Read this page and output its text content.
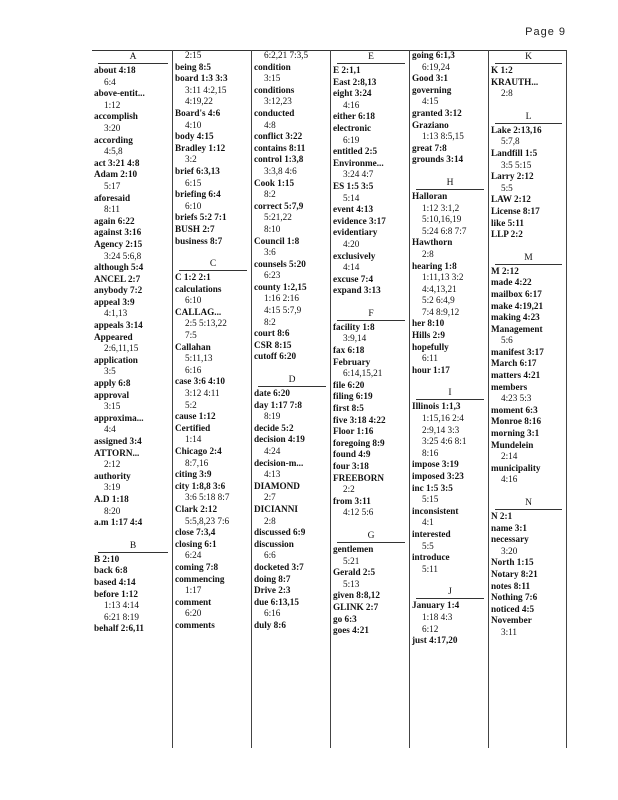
Page 9
A
about 4:18
6:4
above-entit...
1:12
accomplish
3:20
according
4:5,8
act 3:21 4:8
Adam 2:10
5:17
aforesaid
8:11
again 6:22
against 3:16
Agency 2:15
3:24 5:6,8
although 5:4
ANCEL 2:7
anybody 7:2
appeal 3:9
4:1,13
appeals 3:14
Appeared
2:6,11,15
application
3:5
apply 6:8
approval
3:15
approxima...
4:4
assigned 3:4
ATTORN...
2:12
authority
3:19
A.D 1:18
8:20
a.m 1:17 4:4
B
B 2:10
back 6:8
based 4:14
before 1:12
1:13 4:14
6:21 8:19
behalf 2:6,11
2:15
being 8:5
board 1:3 3:3
3:11 4:2,15
4:19,22
Board's 4:6
4:10
body 4:15
Bradley 1:12
3:2
brief 6:3,13
6:15
briefing 6:4
6:10
briefs 5:2 7:1
BUSH 2:7
business 8:7
C
C 1:2 2:1
calculations
6:10
CALLAG...
2:5 5:13,22
7:5
Callahan
5:11,13
6:16
case 3:6 4:10
3:12 4:11
5:2
cause 1:12
Certified
1:14
Chicago 2:4
8:7,16
citing 3:9
city 1:8,8 3:6
3:6 5:18 8:7
Clark 2:12
5:5,8,23 7:6
close 7:3,4
closing 6:1
6:24
coming 7:8
commencing
1:17
comment
6:20
comments
6:2,21 7:3,5
condition
3:15
conditions
3:12,23
conducted
4:8
conflict 3:22
contains 8:11
control 1:3,8
3:3,8 4:6
Cook 1:15
8:2
correct 5:7,9
5:21,22
8:10
Council 1:8
3:6
counsels 5:20
6:23
county 1:2,15
1:16 2:16
4:15 5:7,9
8:2
court 8:6
CSR 8:15
cutoff 6:20
D
date 6:20
day 1:17 7:8
8:19
decide 5:2
decision 4:19
4:24
decision-m...
4:13
DIAMOND
2:7
DICIANNI
2:8
discussed 6:9
discussion
6:6
docketed 3:7
doing 8:7
Drive 2:3
due 6:13,15
6:16
duly 8:6
E
E 2:1,1
East 2:8,13
eight 3:24
4:16
either 6:18
electronic
6:19
entitled 2:5
Environme...
3:24 4:7
ES 1:5 3:5
5:14
event 4:13
evidence 3:17
evidentiary
4:20
exclusively
4:14
excuse 7:4
expand 3:13
F
facility 1:8
3:9,14
fax 6:18
February
6:14,15,21
file 6:20
filing 6:19
first 8:5
five 3:18 4:22
Floor 1:16
foregoing 8:9
found 4:9
four 3:18
FREEBORN
2:2
from 3:11
4:12 5:6
G
gentlemen
5:21
Gerald 2:5
5:13
given 8:8,12
GLINK 2:7
go 6:3
goes 4:21
going 6:1,3
6:19,24
Good 3:1
governing
4:15
granted 3:12
Graziano
1:13 8:5,15
great 7:8
grounds 3:14
H
Halloran
1:12 3:1,2
5:10,16,19
5:24 6:8 7:7
Hawthorn
2:8
hearing 1:8
1:11,13 3:2
4:4,13,21
5:2 6:4,9
7:4 8:9,12
her 8:10
Hills 2:9
hopefully
6:11
hour 1:17
I
Illinois 1:1,3
1:15,16 2:4
2:9,14 3:3
3:25 4:6 8:1
8:16
impose 3:19
imposed 3:23
inc 1:5 3:5
5:15
inconsistent
4:1
interested
5:5
introduce
5:11
J
January 1:4
1:18 4:3
6:12
just 4:17,20
K
K 1:2
KRAUTH...
2:8
L
Lake 2:13,16
5:7,8
Landfill 1:5
3:5 5:15
Larry 2:12
5:5
LAW 2:12
License 8:17
like 5:11
LLP 2:2
M
M 2:12
made 4:22
mailbox 6:17
make 4:19,21
making 4:23
Management
5:6
manifest 3:17
March 6:17
matters 4:21
members
4:23 5:3
moment 6:3
Monroe 8:16
morning 3:1
Mundelein
2:14
municipality
4:16
N
N 2:1
name 3:1
necessary
3:20
North 1:15
Notary 8:21
notes 8:11
Nothing 7:6
noticed 4:5
November
3:11
